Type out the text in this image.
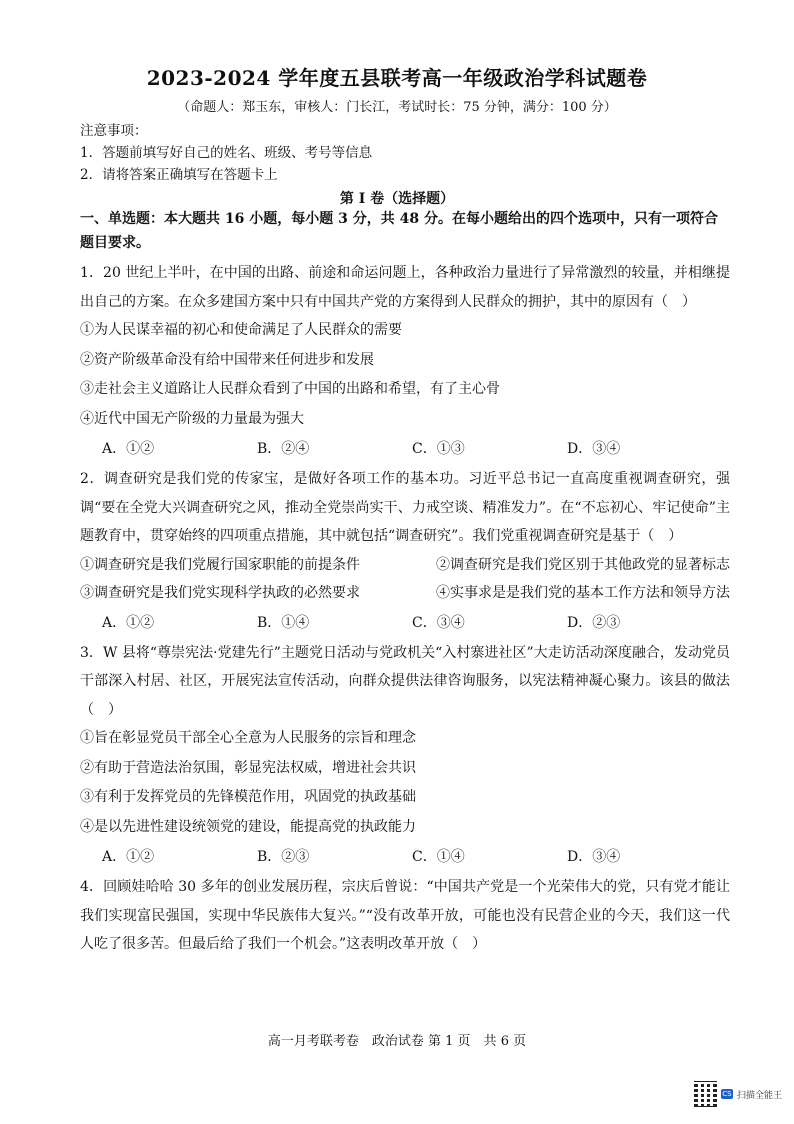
2023-2024 学年度五县联考高一年级政治学科试题卷
（命题人：郑玉东，审核人：门长江，考试时长：75 分钟，满分：100 分）
注意事项：
1．答题前填写好自己的姓名、班级、考号等信息
2．请将答案正确填写在答题卡上
第 I 卷（选择题）
一、单选题：本大题共 16 小题，每小题 3 分，共 48 分。在每小题给出的四个选项中，只有一项符合题目要求。
1．20 世纪上半叶，在中国的出路、前途和命运问题上，各种政治力量进行了异常激烈的较量，并相继提出自己的方案。在众多建国方案中只有中国共产党的方案得到人民群众的拥护，其中的原因有（　）
①为人民谋幸福的初心和使命满足了人民群众的需要
②资产阶级革命没有给中国带来任何进步和发展
③走社会主义道路让人民群众看到了中国的出路和希望，有了主心骨
④近代中国无产阶级的力量最为强大
A．①②	B．②④	C．①③	D．③④
2．调查研究是我们党的传家宝，是做好各项工作的基本功。习近平总书记一直高度重视调查研究，强调“要在全党大兴调查研究之风，推动全党崇尚实干、力戒空谈、精准发力”。在“不忘初心、牢记使命”主题教育中，贯穿始终的四项重点措施，其中就包括“调查研究”。我们党重视调查研究是基于（　）
①调查研究是我们党履行国家职能的前提条件	②调查研究是我们党区别于其他政党的显著标志
③调查研究是我们党实现科学执政的必然要求	④实事求是是我们党的基本工作方法和领导方法
A．①②	B．①④	C．③④	D．②③
3．W 县将“尊崇宪法·党建先行”主题党日活动与党政机关“入村寨进社区”大走访活动深度融合，发动党员干部深入村居、社区，开展宪法宣传活动，向群众提供法律咨询服务，以宪法精神凝心聚力。该县的做法（　）
①旨在彰显党员干部全心全意为人民服务的宗旨和理念
②有助于营造法治氛围，彰显宪法权威，增进社会共识
③有利于发挥党员的先锋模范作用，巩固党的执政基础
④是以先进性建设统领党的建设，能提高党的执政能力
A．①②	B．②③	C．①④	D．③④
4．回顾娃哈哈 30 多年的创业发展历程，宗庆后曾说：“中国共产党是一个光荣伟大的党，只有党才能让我们实现富民强国，实现中华民族伟大复兴。”“没有改革开放，可能也没有民营企业的今天，我们这一代人吃了很多苦。但最后给了我们一个机会。”这表明改革开放（　）
高一月考联考卷　政治试卷 第 1 页　共 6 页
CS 扫描全能王
